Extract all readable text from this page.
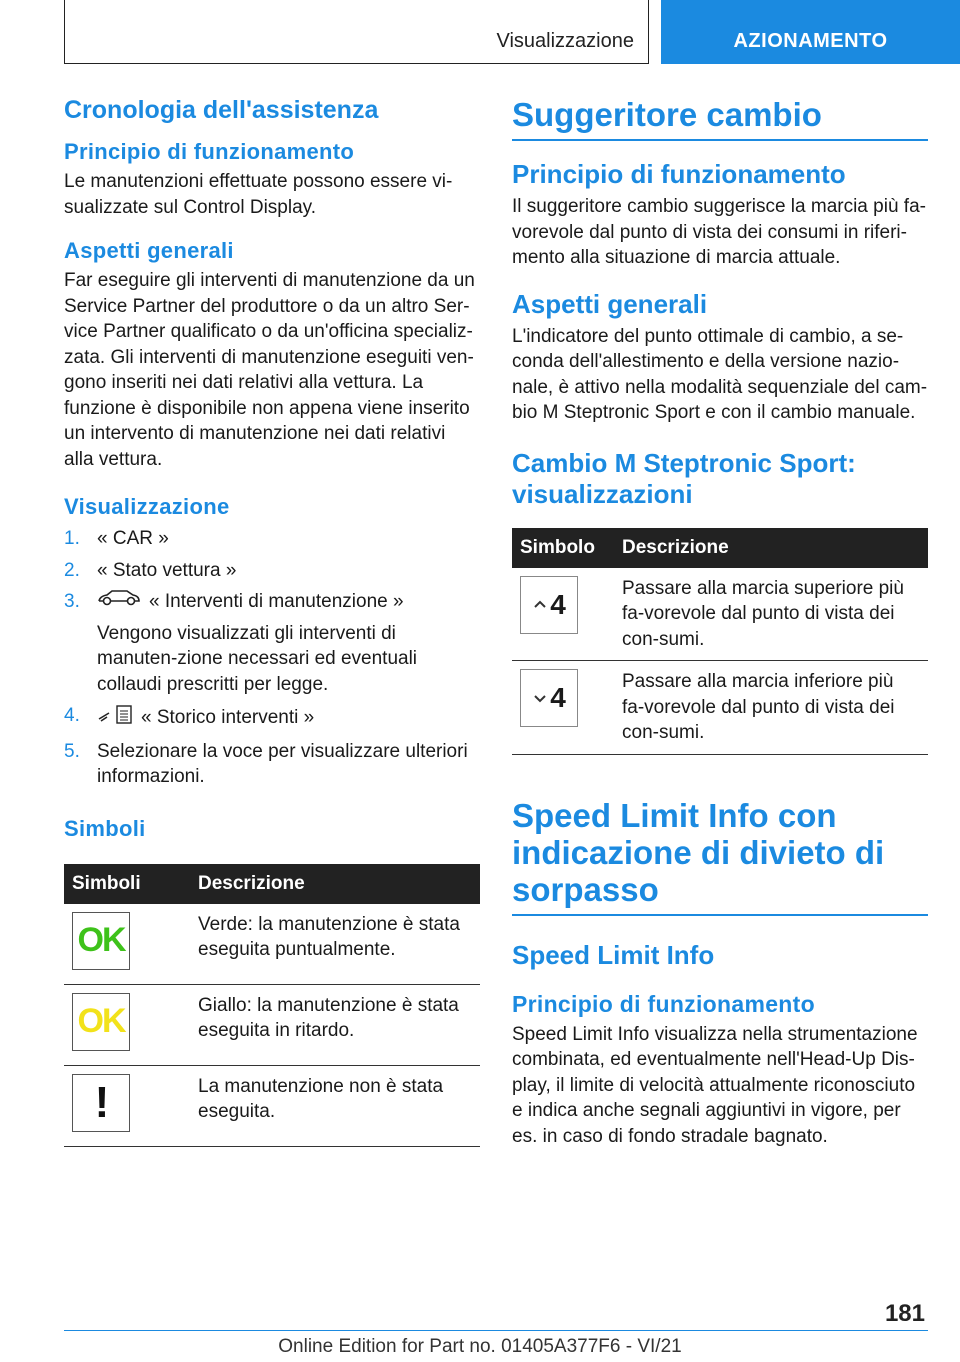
Visualizzazione	AZIONAMENTO
Cronologia dell'assistenza
Principio di funzionamento

Le manutenzioni effettuate possono essere vi-sualizzate sul Control Display.

Aspetti generali

Far eseguire gli interventi di manutenzione da un Service Partner del produttore o da un altro Ser-vice Partner qualificato o da un'officina specializ-zata. Gli interventi di manutenzione eseguiti ven-gono inseriti nei dati relativi alla vettura. La funzione è disponibile non appena viene inserito un intervento di manutenzione nei dati relativi alla vettura.

Visualizzazione
1. « CAR »
2. « Stato vettura »
3.	« Interventi di manutenzione »
Vengono visualizzati gli interventi di manuten-zione necessari ed eventuali collaudi prescritti per legge.
4.	« Storico interventi »
5. Selezionare la voce per visualizzare ulteriori informazioni.
Simboli
Simboli	Descrizione

OK	Verde: la manutenzione è stata eseguita puntualmente.

OK	Giallo: la manutenzione è stata eseguita in ritardo.

!	La manutenzione non è stata eseguita.
Suggeritore cambio
Principio di funzionamento

Il suggeritore cambio suggerisce la marcia più fa-vorevole dal punto di vista dei consumi in riferi-mento alla situazione di marcia attuale.

Aspetti generali

L'indicatore del punto ottimale di cambio, a se-conda dell'allestimento e della versione nazio-nale, è attivo nella modalità sequenziale del cam-bio M Steptronic Sport e con il cambio manuale.

Cambio M Steptronic Sport: visualizzazioni
Simbolo	Descrizione

4	Passare alla marcia superiore più fa-vorevole dal punto di vista dei con-sumi.

4	Passare alla marcia inferiore più fa-vorevole dal punto di vista dei con-sumi.
Speed Limit Info con indicazione di divieto di sorpasso
Speed Limit Info
Principio di funzionamento

Speed Limit Info visualizza nella strumentazione combinata, ed eventualmente nell'Head-Up Dis-play, il limite di velocità attualmente riconosciuto e indica anche segnali aggiuntivi in vigore, per es. in caso di fondo stradale bagnato.

181
Online Edition for Part no. 01405A377F6 - VI/21
